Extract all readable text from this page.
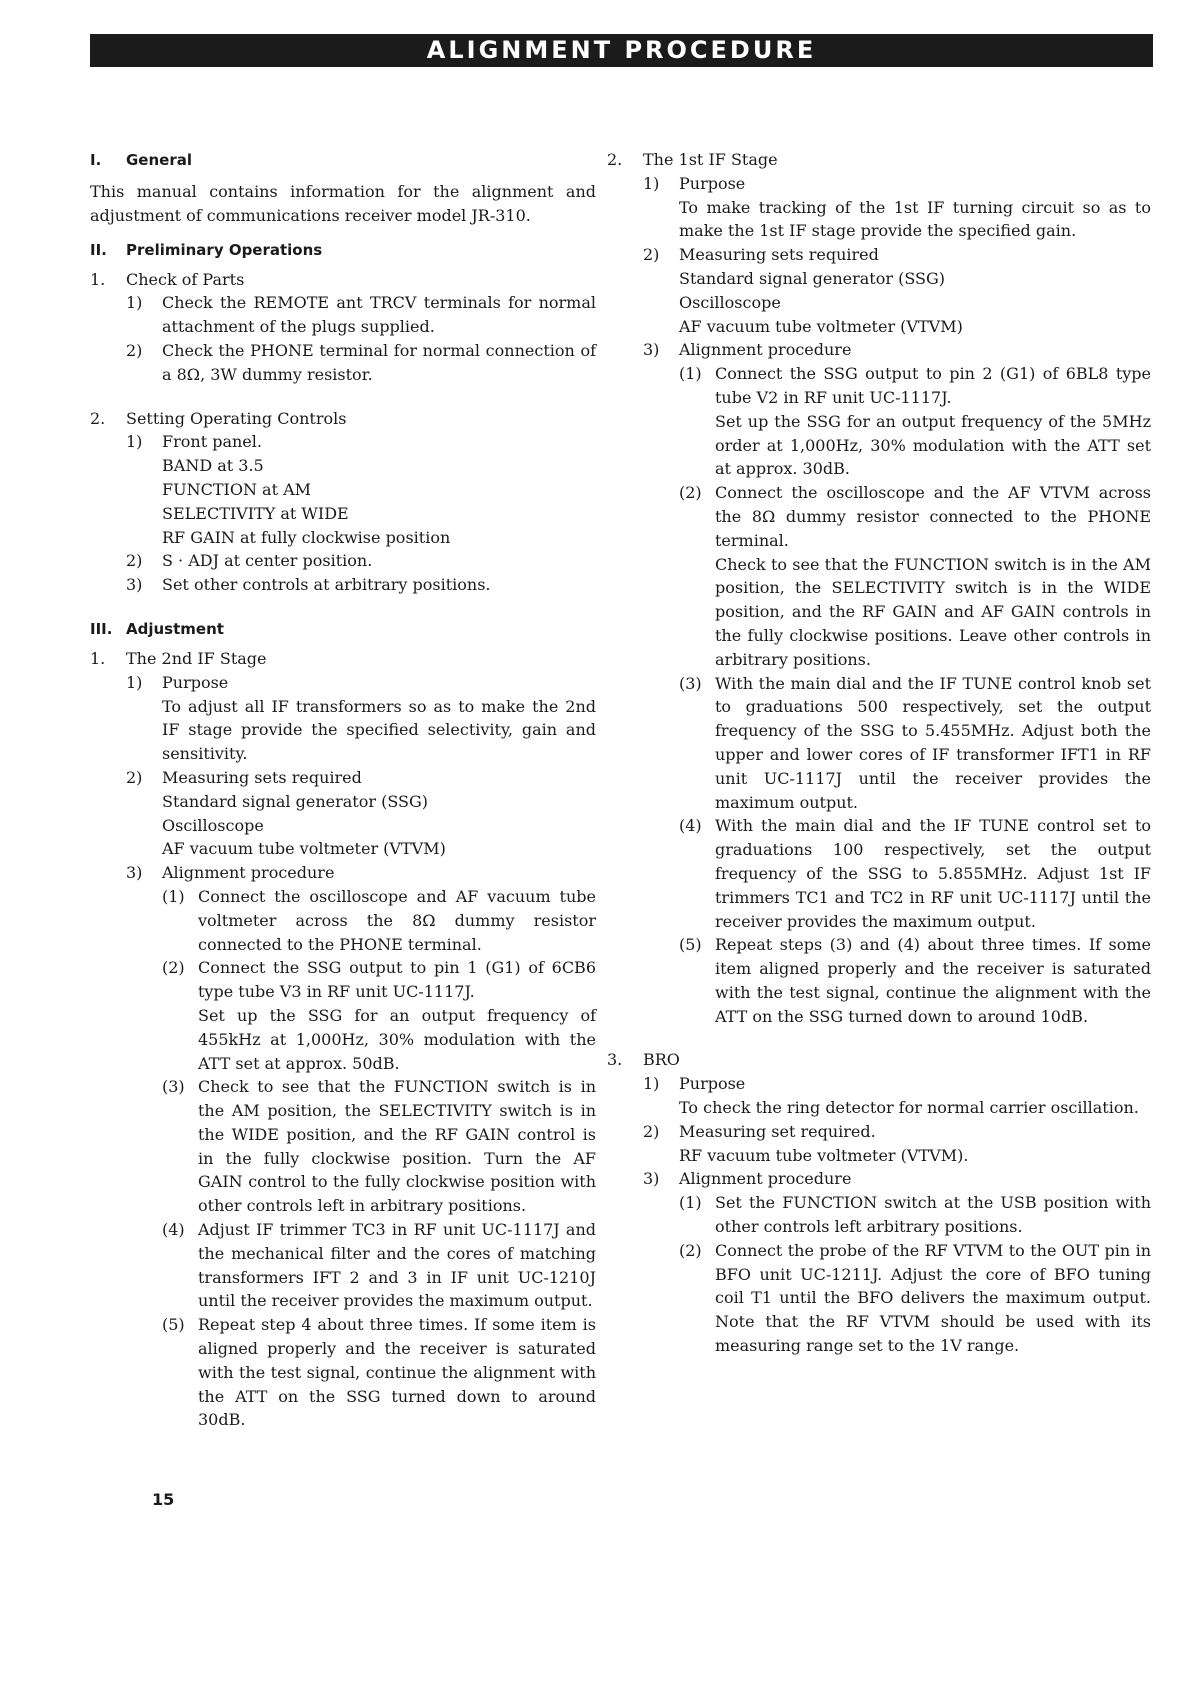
ALIGNMENT PROCEDURE
I.	General

This manual contains information for the alignment and adjustment of communications receiver model JR-310.

II.	Preliminary Operations
1.	Check of Parts
1)	Check the REMOTE ant TRCV terminals for normal attachment of the plugs supplied.
2)	Check the PHONE terminal for normal connection of a 8Ω, 3W dummy resistor.
2.	Setting Operating Controls
1)	Front panel.
BAND at 3.5
FUNCTION at AM
SELECTIVITY at WIDE
RF GAIN at fully clockwise position
2)	S · ADJ at center position.
3)	Set other controls at arbitrary positions.
III. Adjustment
1.	The 2nd IF Stage
1)	Purpose

To adjust all IF transformers so as to make the 2nd IF stage provide the specified selectivity, gain and sensitivity.

2)	Measuring sets required
Standard signal generator (SSG)
Oscilloscope
AF vacuum tube voltmeter (VTVM)
3)	Alignment procedure
(1) Connect the oscilloscope and AF vacuum tube voltmeter across the 8Ω dummy resistor connected to the PHONE terminal.
(2) Connect the SSG output to pin 1 (G1) of 6CB6 type tube V3 in RF unit UC-1117J.

Set up the SSG for an output frequency of 455kHz at 1,000Hz, 30% modulation with the ATT set at approx. 50dB.

(3) Check to see that the FUNCTION switch is in the AM position, the SELECTIVITY switch is in the WIDE position, and the RF GAIN control is in the fully clockwise position. Turn the AF GAIN control to the fully clockwise position with other controls left in arbitrary positions.
(4) Adjust IF trimmer TC3 in RF unit UC-1117J and the mechanical filter and the cores of matching transformers IFT 2 and 3 in IF unit UC-1210J until the receiver provides the maximum output.
(5) Repeat step 4 about three times. If some item is aligned properly and the receiver is saturated with the test signal, continue the alignment with the ATT on the SSG turned down to around 30dB.
2.	The 1st IF Stage
1)	Purpose

To make tracking of the 1st IF turning circuit so as to make the 1st IF stage provide the specified gain.

2)	Measuring sets required
Standard signal generator (SSG)
Oscilloscope
AF vacuum tube voltmeter (VTVM)
3)	Alignment procedure
(1) Connect the SSG output to pin 2 (G1) of 6BL8 type tube V2 in RF unit UC-1117J.

Set up the SSG for an output frequency of the 5MHz order at 1,000Hz, 30% modulation with the ATT set at approx. 30dB.

(2) Connect the oscilloscope and the AF VTVM across the 8Ω dummy resistor connected to the PHONE terminal.

Check to see that the FUNCTION switch is in the AM position, the SELECTIVITY switch is in the WIDE position, and the RF GAIN and AF GAIN controls in the fully clockwise positions. Leave other controls in arbitrary positions.

(3) With the main dial and the IF TUNE control knob set to graduations 500 respectively, set the output frequency of the SSG to 5.455MHz. Adjust both the upper and lower cores of IF transformer IFT1 in RF unit UC-1117J until the receiver provides the maximum output.
(4) With the main dial and the IF TUNE control set to graduations 100 respectively, set the output frequency of the SSG to 5.855MHz. Adjust 1st IF trimmers TC1 and TC2 in RF unit UC-1117J until the receiver provides the maximum output.
(5) Repeat steps (3) and (4) about three times. If some item aligned properly and the receiver is saturated with the test signal, continue the alignment with the ATT on the SSG turned down to around 10dB.
3.	BRO
1)	Purpose

To check the ring detector for normal carrier oscillation.

2)	Measuring set required.
RF vacuum tube voltmeter (VTVM).
3)	Alignment procedure
(1) Set the FUNCTION switch at the USB position with other controls left arbitrary positions.
(2) Connect the probe of the RF VTVM to the OUT pin in BFO unit UC-1211J. Adjust the core of BFO tuning coil T1 until the BFO delivers the maximum output. Note that the RF VTVM should be used with its measuring range set to the 1V range.
15
